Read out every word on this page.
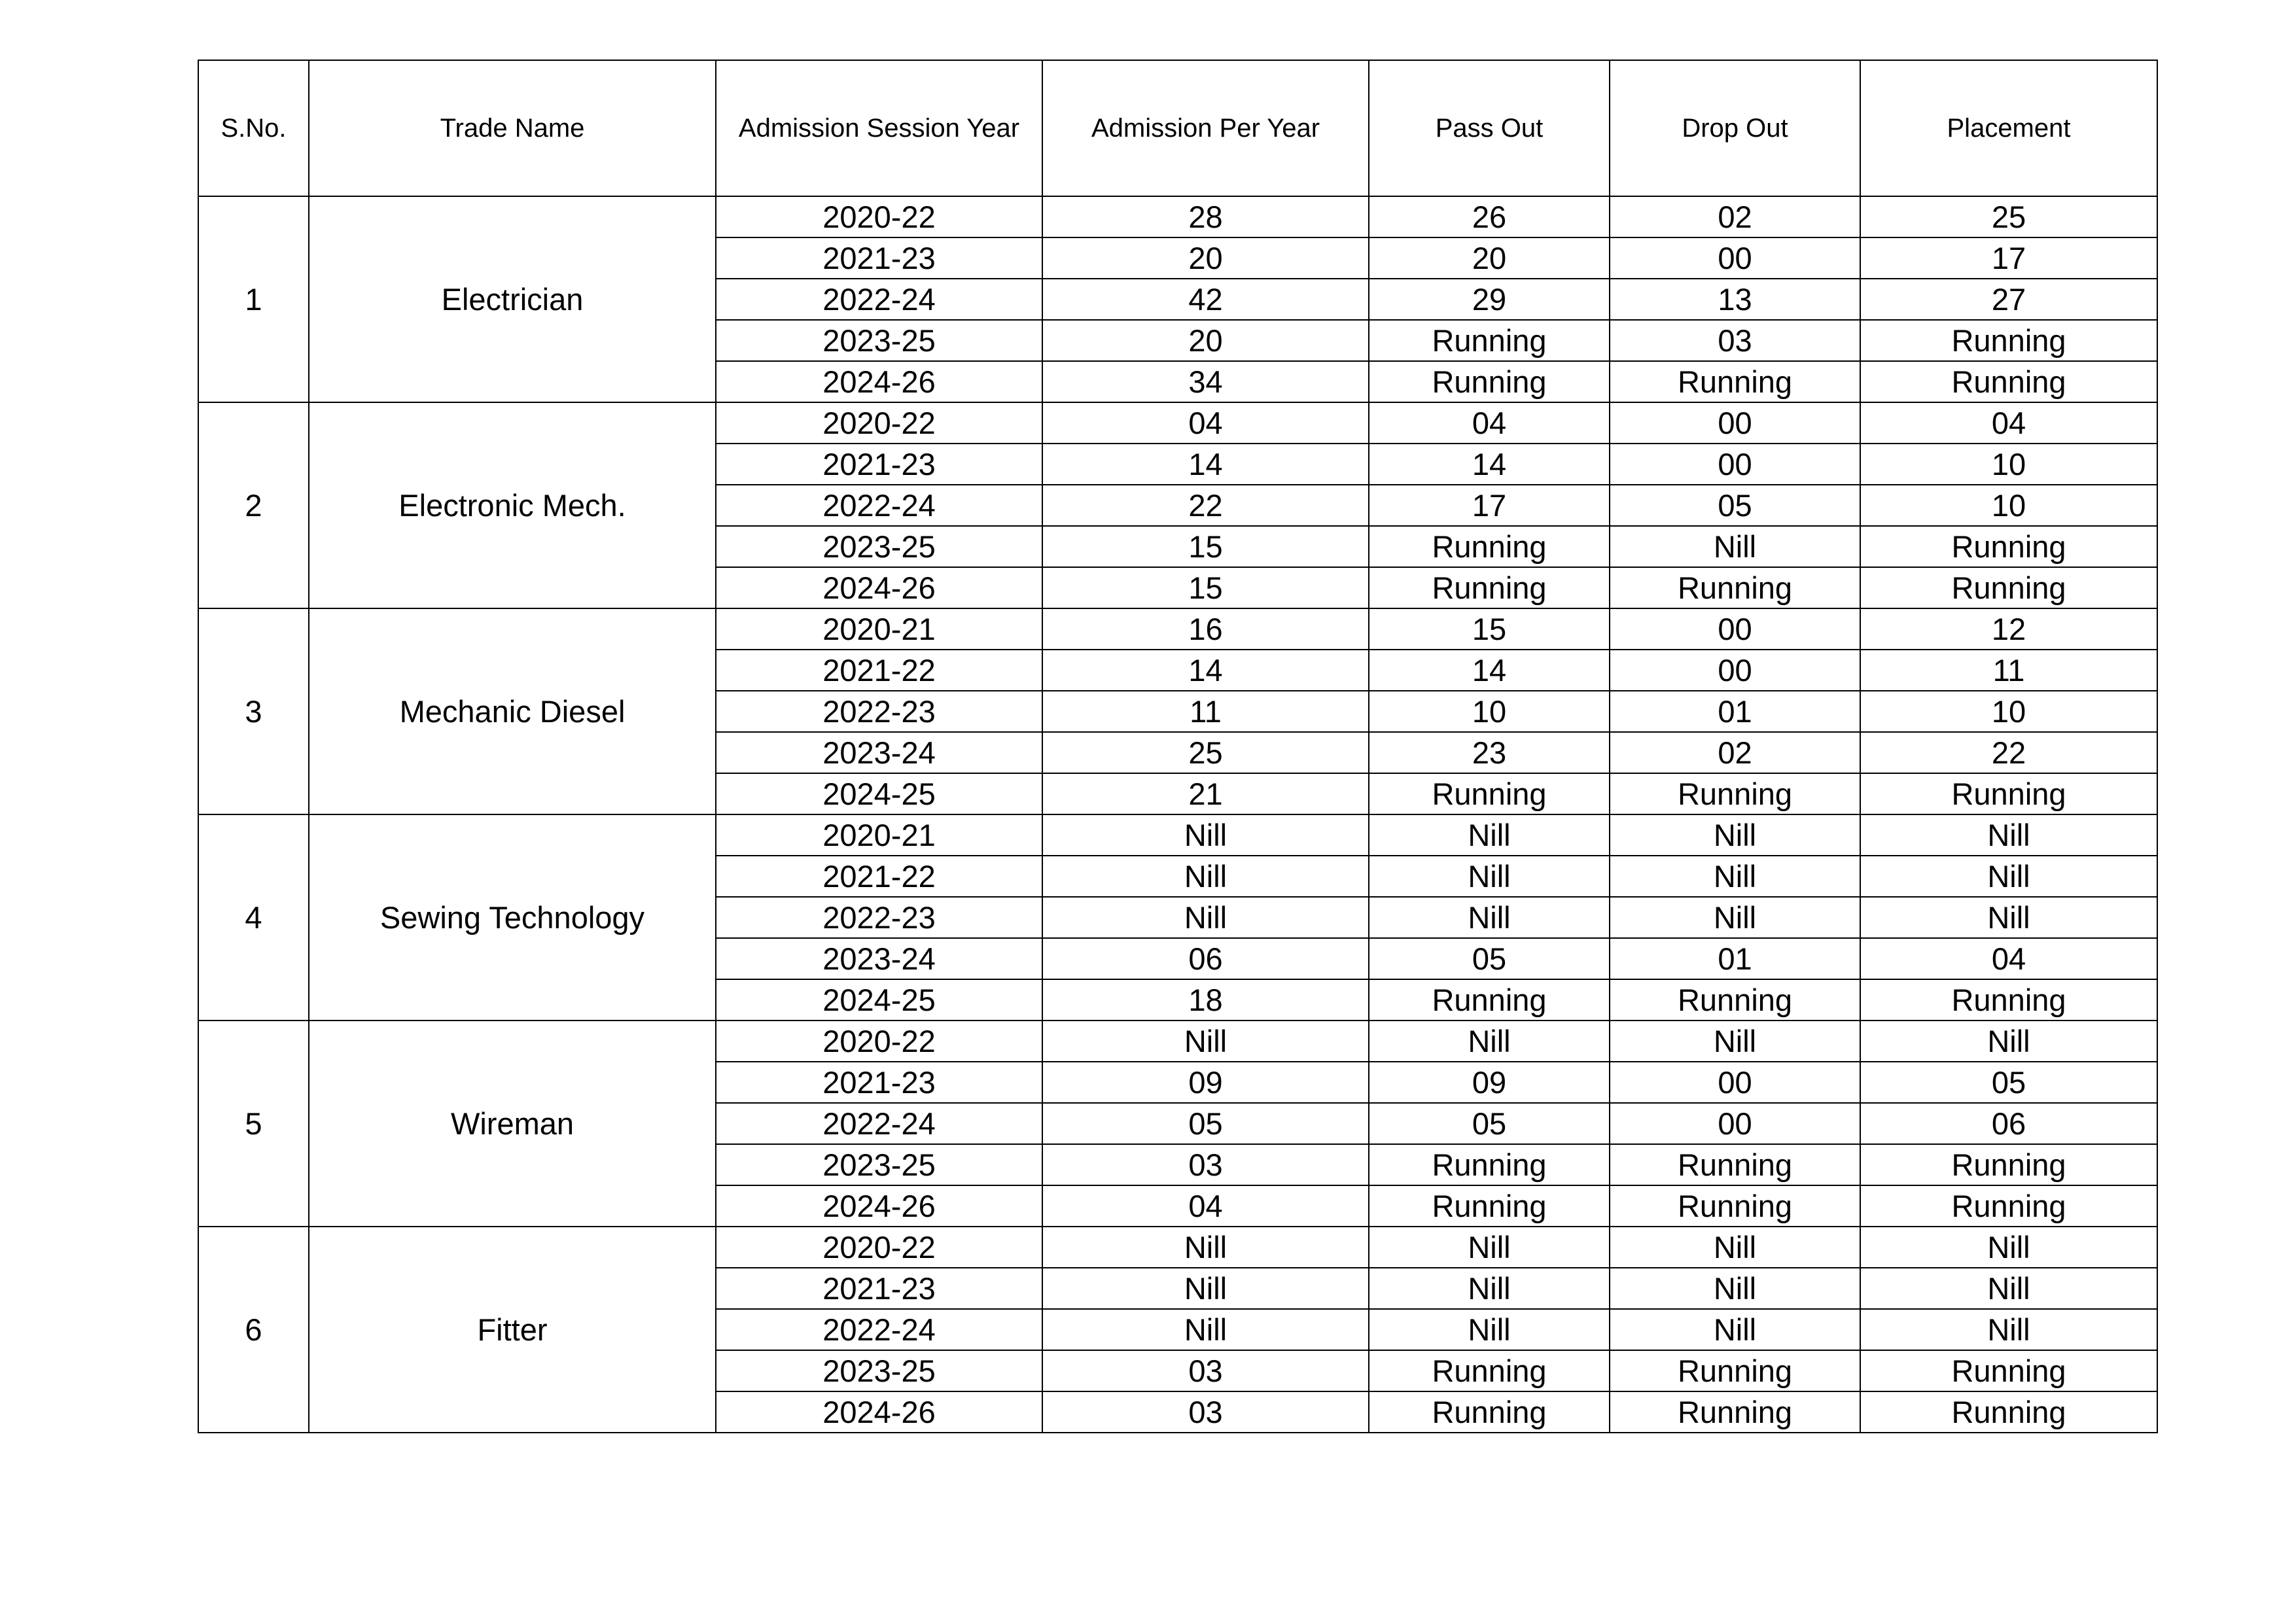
S.No.	Trade Name	Admission Session Year	Admission Per Year	Pass Out	Drop Out	Placement
1	Electrician	2020-22	28	26	02	25
		2021-23	20	20	00	17
		2022-24	42	29	13	27
		2023-25	20	Running	03	Running
		2024-26	34	Running	Running	Running
2	Electronic Mech.	2020-22	04	04	00	04
		2021-23	14	14	00	10
		2022-24	22	17	05	10
		2023-25	15	Running	Nill	Running
		2024-26	15	Running	Running	Running
3	Mechanic Diesel	2020-21	16	15	00	12
		2021-22	14	14	00	11
		2022-23	11	10	01	10
		2023-24	25	23	02	22
		2024-25	21	Running	Running	Running
4	Sewing Technology	2020-21	Nill	Nill	Nill	Nill
		2021-22	Nill	Nill	Nill	Nill
		2022-23	Nill	Nill	Nill	Nill
		2023-24	06	05	01	04
		2024-25	18	Running	Running	Running
5	Wireman	2020-22	Nill	Nill	Nill	Nill
		2021-23	09	09	00	05
		2022-24	05	05	00	06
		2023-25	03	Running	Running	Running
		2024-26	04	Running	Running	Running
6	Fitter	2020-22	Nill	Nill	Nill	Nill
		2021-23	Nill	Nill	Nill	Nill
		2022-24	Nill	Nill	Nill	Nill
		2023-25	03	Running	Running	Running
		2024-26	03	Running	Running	Running
